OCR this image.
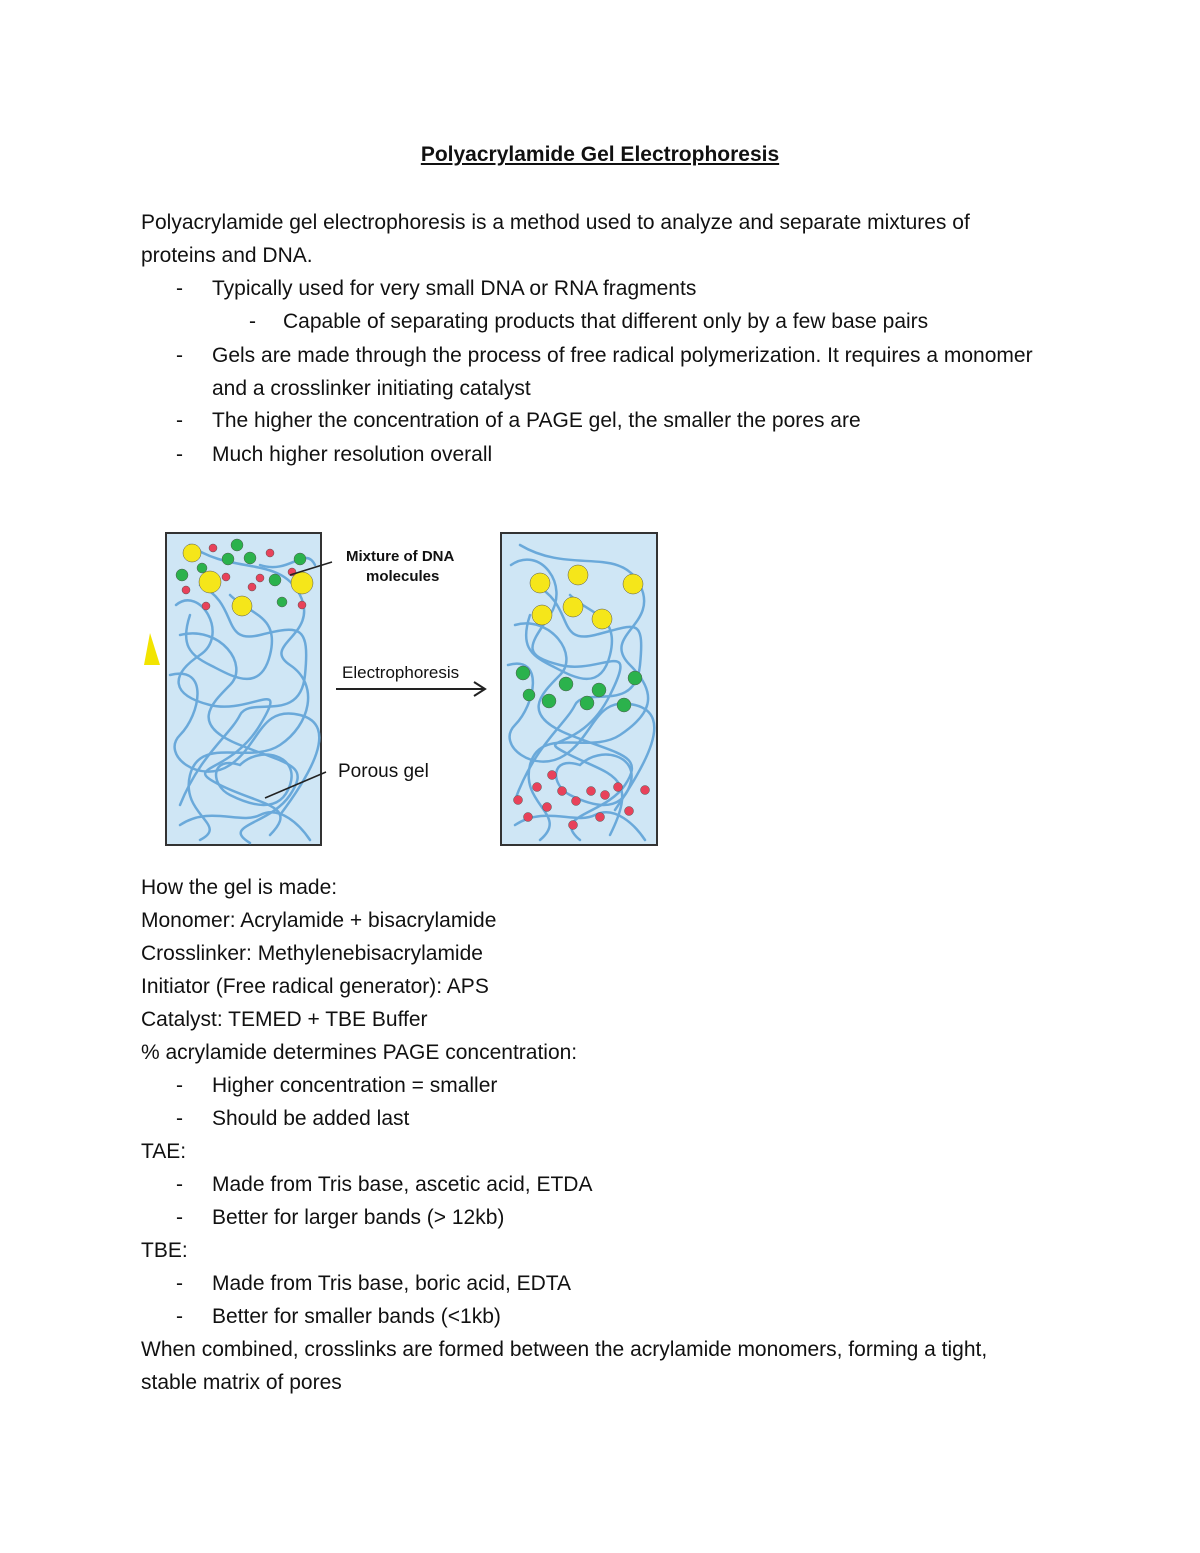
Polyacrylamide Gel Electrophoresis
Polyacrylamide gel electrophoresis is a method used to analyze and separate mixtures of
proteins and DNA.
- Typically used for very small DNA or RNA fragments
- Capable of separating products that different only by a few base pairs
- Gels are made through the process of free radical polymerization. It requires a monomer
and a crosslinker initiating catalyst
- The higher the concentration of a PAGE gel, the smaller the pores are
- Much higher resolution overall
Mixture of DNA
molecules
Electrophoresis
Porous gel
How the gel is made:
Monomer: Acrylamide + bisacrylamide
Crosslinker: Methylenebisacrylamide
Initiator (Free radical generator): APS
Catalyst: TEMED + TBE Buffer
% acrylamide determines PAGE concentration:
- Higher concentration = smaller
- Should be added last
TAE:
- Made from Tris base, ascetic acid, ETDA
- Better for larger bands (> 12kb)
TBE:
- Made from Tris base, boric acid, EDTA
- Better for smaller bands (<1kb)
When combined, crosslinks are formed between the acrylamide monomers, forming a tight,
stable matrix of pores
